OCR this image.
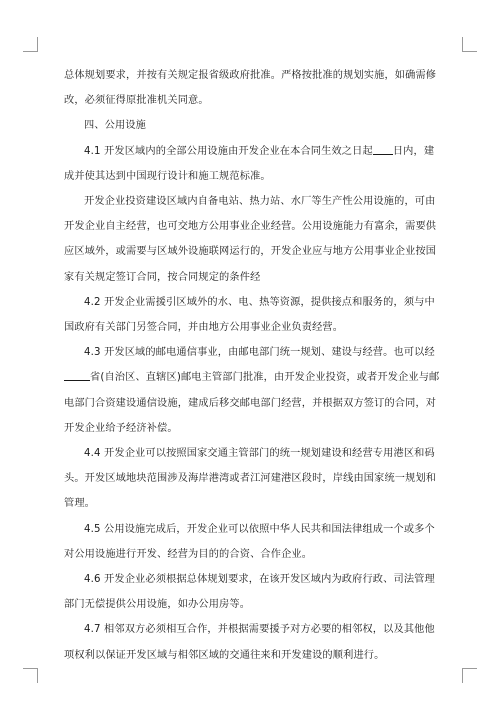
总体规划要求，并按有关规定报省级政府批准。严格按批准的规划实施，如确需修改，必须征得原批准机关同意。

四、公用设施

4.1 开发区域内的全部公用设施由开发企业在本合同生效之日起 日内，建成并使其达到中国现行设计和施工规范标准。

开发企业投资建设区域内自备电站、热力站、水厂等生产性公用设施的，可由开发企业自主经营，也可交地方公用事业企业经营。公用设施能力有富余，需要供应区域外，或需要与区域外设施联网运行的，开发企业应与地方公用事业企业按国家有关规定签订合同，按合同规定的条件经

4.2 开发企业需援引区域外的水、电、热等资源，提供接点和服务的，须与中国政府有关部门另签合同，并由地方公用事业企业负责经营。

4.3 开发区域的邮电通信事业，由邮电部门统一规划、建设与经营。也可以经省(自治区、直辖区)邮电主管部门批准，由开发企业投资，或者开发企业与邮电部门合资建设通信设施，建成后移交邮电部门经营，并根据双方签订的合同，对开发企业给予经济补偿。

4.4 开发企业可以按照国家交通主管部门的统一规划建设和经营专用港区和码头。开发区域地块范围涉及海岸港湾或者江河建港区段时，岸线由国家统一规划和管理。

4.5 公用设施完成后，开发企业可以依照中华人民共和国法律组成一个或多个对公用设施进行开发、经营为目的的合资、合作企业。

4.6 开发企业必须根据总体规划要求，在该开发区域内为政府行政、司法管理部门无偿提供公用设施，如办公用房等。

4.7 相邻双方必须相互合作，并根据需要援予对方必要的相邻权，以及其他他项权利以保证开发区域与相邻区域的交通往来和开发建设的顺利进行。
